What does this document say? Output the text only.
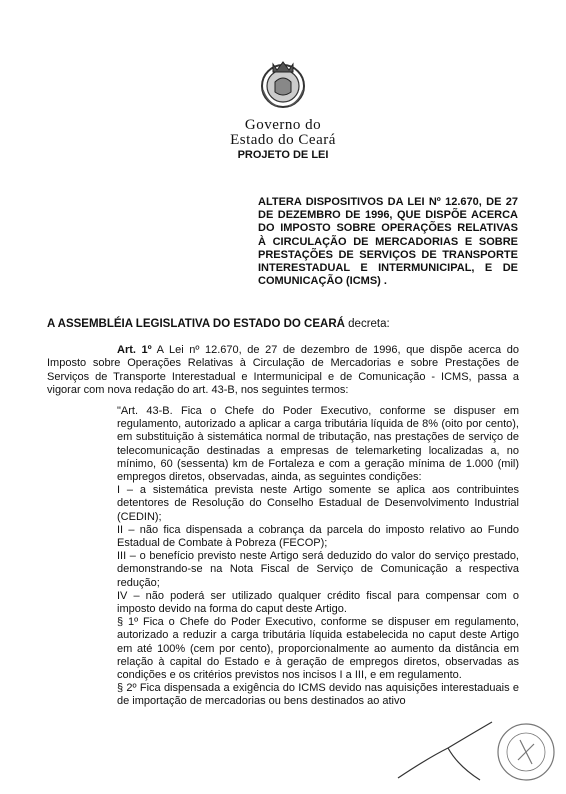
Governo do
Estado do Ceará
PROJETO DE LEI
ALTERA DISPOSITIVOS DA LEI Nº 12.670, DE 27 DE DEZEMBRO DE 1996, QUE DISPÕE ACERCA DO IMPOSTO SOBRE OPERAÇÕES RELATIVAS À CIRCULAÇÃO DE MERCADORIAS E SOBRE PRESTAÇÕES DE SERVIÇOS DE TRANSPORTE INTERESTADUAL E INTERMUNICIPAL, E DE COMUNICAÇÃO (ICMS) .
A ASSEMBLÉIA LEGISLATIVA DO ESTADO DO CEARÁ decreta:
Art. 1º A Lei nº 12.670, de 27 de dezembro de 1996, que dispõe acerca do Imposto sobre Operações Relativas à Circulação de Mercadorias e sobre Prestações de Serviços de Transporte Interestadual e Intermunicipal e de Comunicação - ICMS, passa a vigorar com nova redação do art. 43-B, nos seguintes termos:

"Art. 43-B. Fica o Chefe do Poder Executivo, conforme se dispuser em regulamento, autorizado a aplicar a carga tributária líquida de 8% (oito por cento), em substituição à sistemática normal de tributação, nas prestações de serviço de telecomunicação destinadas a empresas de telemarketing localizadas a, no mínimo, 60 (sessenta) km de Fortaleza e com a geração mínima de 1.000 (mil) empregos diretos, observadas, ainda, as seguintes condições:

I – a sistemática prevista neste Artigo somente se aplica aos contribuintes detentores de Resolução do Conselho Estadual de Desenvolvimento Industrial (CEDIN);

II – não fica dispensada a cobrança da parcela do imposto relativo ao Fundo Estadual de Combate à Pobreza (FECOP);

III – o benefício previsto neste Artigo será deduzido do valor do serviço prestado, demonstrando-se na Nota Fiscal de Serviço de Comunicação a respectiva redução;

IV – não poderá ser utilizado qualquer crédito fiscal para compensar com o imposto devido na forma do caput deste Artigo.

§ 1º Fica o Chefe do Poder Executivo, conforme se dispuser em regulamento, autorizado a reduzir a carga tributária líquida estabelecida no caput deste Artigo em até 100% (cem por cento), proporcionalmente ao aumento da distância em relação à capital do Estado e à geração de empregos diretos, observadas as condições e os critérios previstos nos incisos I a III, e em regulamento.

§ 2º Fica dispensada a exigência do ICMS devido nas aquisições interestaduais e de importação de mercadorias ou bens destinados ao ativo
